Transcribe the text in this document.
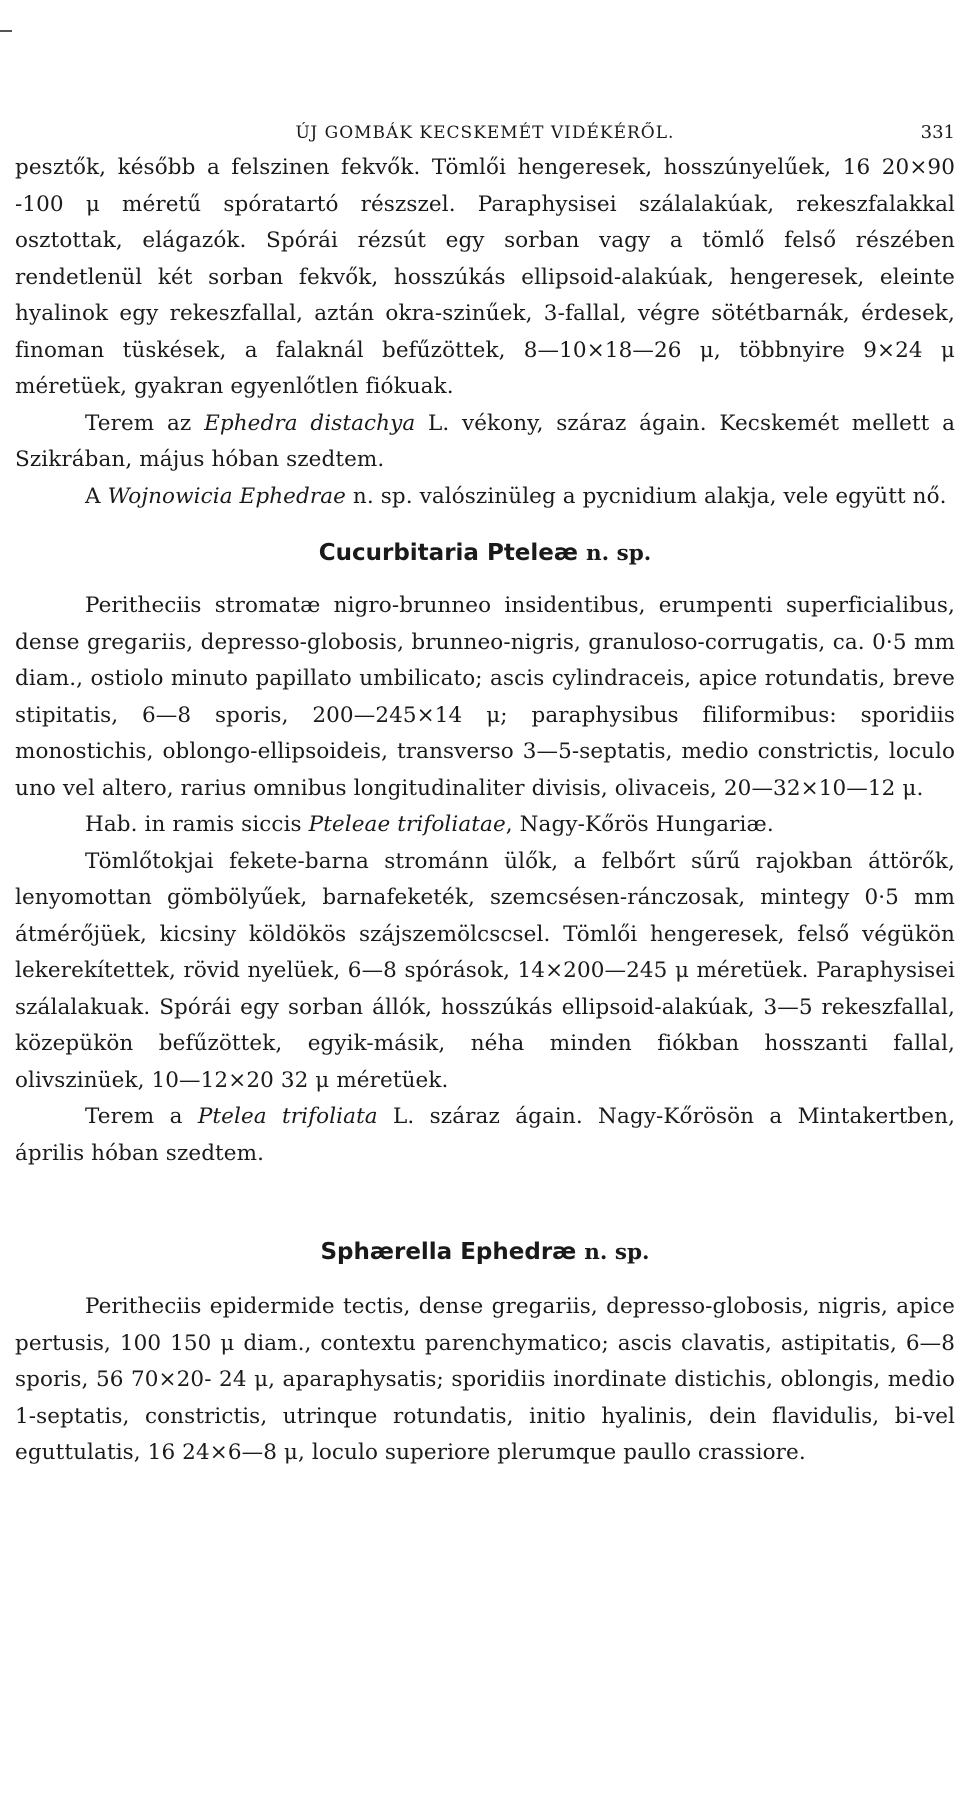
ÚJ GOMBÁK KECSKEMÉT VIDÉKÉRŐL.	331

pesztők, később a felszinen fekvők. Tömlői hengeresek, hosszúnyelűek, 16 20×90 -100 μ méretű spóratartó részszel. Paraphysisei szálalakúak, rekeszfalakkal osztottak, elágazók. Spórái rézsút egy sorban vagy a tömlő felső részében rendetlenül két sorban fekvők, hosszúkás ellipsoid-alakúak, hengeresek, eleinte hyalinok egy rekeszfallal, aztán okra-szinűek, 3-fallal, végre sötétbarnák, érdesek, finoman tüskések, a falaknál befűzöttek, 8—10×18—26 μ, többnyire 9×24 μ méretüek, gyakran egyenlőtlen fiókuak.

Terem az Ephedra distachya L. vékony, száraz ágain. Kecskemét mellett a Szikrában, május hóban szedtem.

A Wojnowicia Ephedrae n. sp. valószinüleg a pycnidium alakja, vele együtt nő.

Cucurbitaria Pteleæ n. sp.

Peritheciis stromatæ nigro-brunneo insidentibus, erumpenti superficialibus, dense gregariis, depresso-globosis, brunneo-nigris, granuloso-corrugatis, ca. 0·5 mm diam., ostiolo minuto papillato umbilicato; ascis cylindraceis, apice rotundatis, breve stipitatis, 6—8 sporis, 200—245×14 μ; paraphysibus filiformibus: sporidiis monostichis, oblongo-ellipsoideis, transverso 3—5-septatis, medio constrictis, loculo uno vel altero, rarius omnibus longitudinaliter divisis, olivaceis, 20—32×10—12 μ.

Hab. in ramis siccis Pteleae trifoliatae, Nagy-Kőrös Hungariæ.

Tömlőtokjai fekete-barna strománn ülők, a felbőrt sűrű rajokban áttörők, lenyomottan gömbölyűek, barnafeketék, szemcsésen-ránczosak, mintegy 0·5 mm átmérőjüek, kicsiny köldökös szájszemölcscsel. Tömlői hengeresek, felső végükön lekerekítettek, rövid nyelüek, 6—8 spórások, 14×200—245 μ méretüek. Paraphysisei szálalakuak. Spórái egy sorban állók, hosszúkás ellipsoid-alakúak, 3—5 rekeszfallal, közepükön befűzöttek, egyik-másik, néha minden fiókban hosszanti fallal, olivszinüek, 10—12×20 32 μ méretüek.

Terem a Ptelea trifoliata L. száraz ágain. Nagy-Kőrösön a Mintakertben, április hóban szedtem.

Sphærella Ephedræ n. sp.

Peritheciis epidermide tectis, dense gregariis, depresso-globosis, nigris, apice pertusis, 100 150 μ diam., contextu parenchymatico; ascis clavatis, astipitatis, 6—8 sporis, 56 70×20- 24 μ, aparaphysatis; sporidiis inordinate distichis, oblongis, medio 1-septatis, constrictis, utrinque rotundatis, initio hyalinis, dein flavidulis, bi-vel eguttulatis, 16 24×6—8 μ, loculo superiore plerumque paullo crassiore.
